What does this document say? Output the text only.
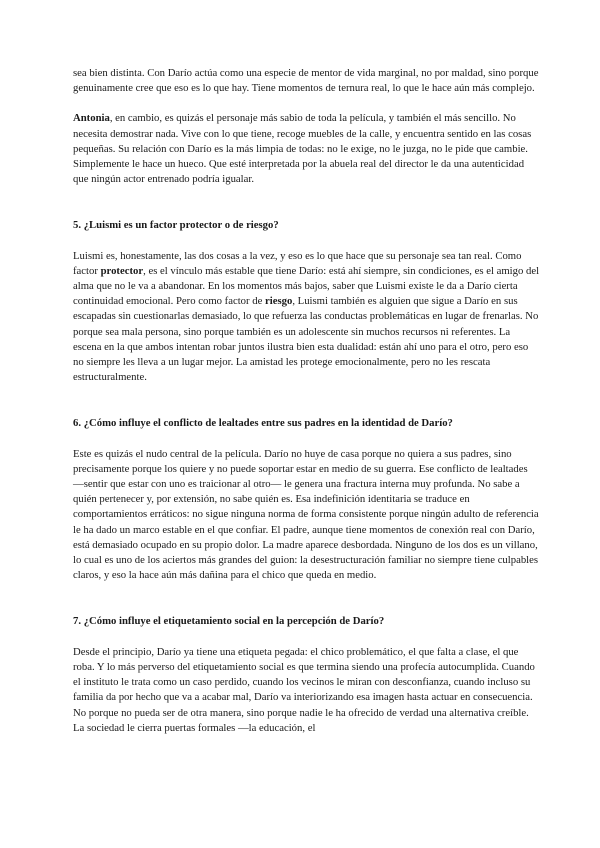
sea bien distinta. Con Darío actúa como una especie de mentor de vida marginal, no por maldad, sino porque genuinamente cree que eso es lo que hay. Tiene momentos de ternura real, lo que le hace aún más complejo.

Antonia, en cambio, es quizás el personaje más sabio de toda la película, y también el más sencillo. No necesita demostrar nada. Vive con lo que tiene, recoge muebles de la calle, y encuentra sentido en las cosas pequeñas. Su relación con Darío es la más limpia de todas: no le exige, no le juzga, no le pide que cambie. Simplemente le hace un hueco. Que esté interpretada por la abuela real del director le da una autenticidad que ningún actor entrenado podría igualar.

5. ¿Luismi es un factor protector o de riesgo?

Luismi es, honestamente, las dos cosas a la vez, y eso es lo que hace que su personaje sea tan real. Como factor protector, es el vínculo más estable que tiene Darío: está ahí siempre, sin condiciones, es el amigo del alma que no le va a abandonar. En los momentos más bajos, saber que Luismi existe le da a Darío cierta continuidad emocional. Pero como factor de riesgo, Luismi también es alguien que sigue a Darío en sus escapadas sin cuestionarlas demasiado, lo que refuerza las conductas problemáticas en lugar de frenarlas. No porque sea mala persona, sino porque también es un adolescente sin muchos recursos ni referentes. La escena en la que ambos intentan robar juntos ilustra bien esta dualidad: están ahí uno para el otro, pero eso no siempre les lleva a un lugar mejor. La amistad les protege emocionalmente, pero no les rescata estructuralmente.

6. ¿Cómo influye el conflicto de lealtades entre sus padres en la identidad de Darío?

Este es quizás el nudo central de la película. Darío no huye de casa porque no quiera a sus padres, sino precisamente porque los quiere y no puede soportar estar en medio de su guerra. Ese conflicto de lealtades —sentir que estar con uno es traicionar al otro— le genera una fractura interna muy profunda. No sabe a quién pertenecer y, por extensión, no sabe quién es. Esa indefinición identitaria se traduce en comportamientos erráticos: no sigue ninguna norma de forma consistente porque ningún adulto de referencia le ha dado un marco estable en el que confiar. El padre, aunque tiene momentos de conexión real con Darío, está demasiado ocupado en su propio dolor. La madre aparece desbordada. Ninguno de los dos es un villano, lo cual es uno de los aciertos más grandes del guion: la desestructuración familiar no siempre tiene culpables claros, y eso la hace aún más dañina para el chico que queda en medio.

7. ¿Cómo influye el etiquetamiento social en la percepción de Darío?

Desde el principio, Darío ya tiene una etiqueta pegada: el chico problemático, el que falta a clase, el que roba. Y lo más perverso del etiquetamiento social es que termina siendo una profecía autocumplida. Cuando el instituto le trata como un caso perdido, cuando los vecinos le miran con desconfianza, cuando incluso su familia da por hecho que va a acabar mal, Darío va interiorizando esa imagen hasta actuar en consecuencia. No porque no pueda ser de otra manera, sino porque nadie le ha ofrecido de verdad una alternativa creíble. La sociedad le cierra puertas formales —la educación, el
